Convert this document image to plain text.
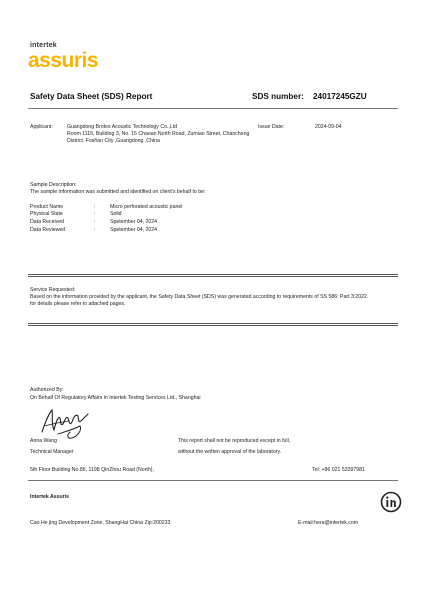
intertek
assuris
Safety Data Sheet (SDS) Report	SDS number: 24017245GZU
Applicant:	Guangdong Brotes Acoustic Technology Co.,Ltd
Room 1115, Building 3, No. 15 Chaoan North Road, Zumiao Street, Chancheng
District, Foshan City ,Guangdong ,China
Issue Date:	2024-09-04
Sample Description:
The sample information was submitted and identified on client's behalf to be:
Product Name	:	Micro perforated acoustic panel
Physical State	:	Solid
Data Received	:	Spetember 04, 2024
Data Reviewed	:	Spetember 04, 2024
Service Requested:
Based on the information provided by the applicant, the Safety Data Sheet (SDS) was generated according to requirements of SS 586: Part 3:2022. for details please refer to attached pages.
Authorized By:
On Behalf Of Regulatory Affairs in Intertek Testing Services Ltd., Shanghai
Anna Wang
Technical Manager
This report shall not be reproduced except in full,
without the written approval of the laboratory.
5th Floor Building No.86, 1198 QinZhou Road (North),	Tel: +86 021 53397981
Intertek Assuris
Cao He jing Development Zone, ShangHai China Zip:200233	E-mail:hera@intertek.com
